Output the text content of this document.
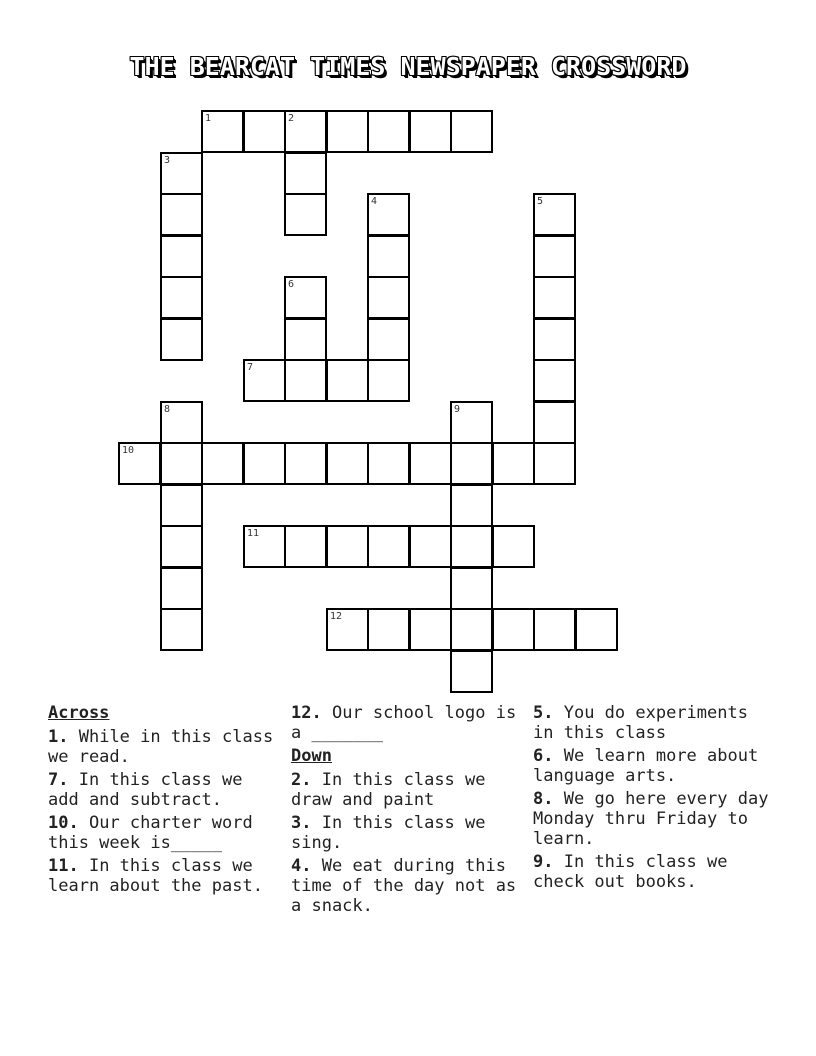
THE BEARCAT TIMES NEWSPAPER CROSSWORD
1	2
3
4	5
6
7
8	9
10
11
12
Across
1. While in this class we read.
7. In this class we add and subtract.
10. Our charter word this week is_____
11. In this class we learn about the past.
12. Our school logo is a _______
Down
2. In this class we draw and paint
3. In this class we sing.
4. We eat during this time of the day not as a snack.
5. You do experiments in this class
6. We learn more about language arts.
8. We go here every day Monday thru Friday to learn.
9. In this class we check out books.
